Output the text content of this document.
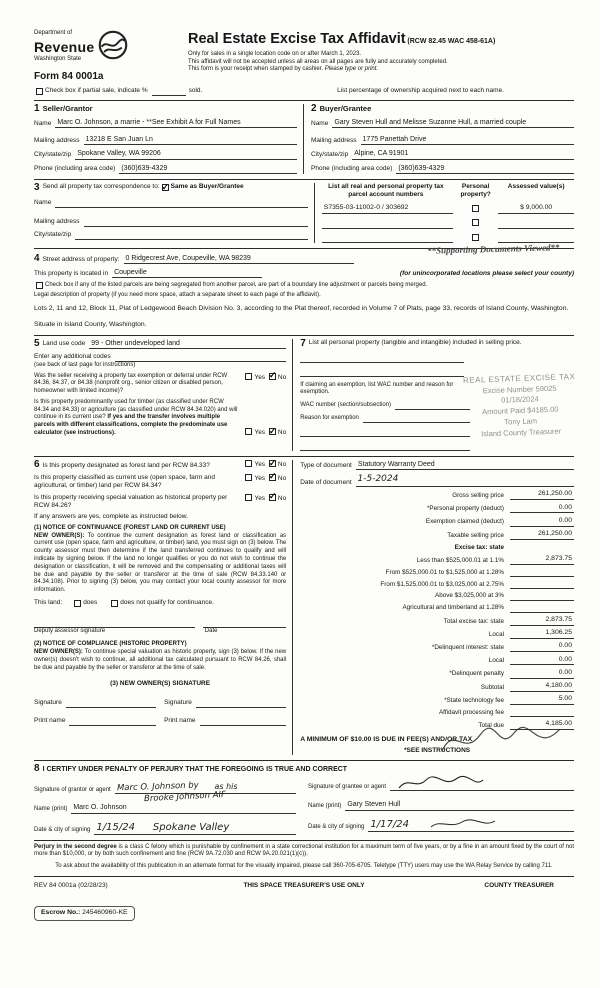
Department of
Revenue
Washington State
Form 84 0001a
Real Estate Excise Tax Affidavit (RCW 82.45 WAC 458-61A)
Only for sales in a single location code on or after March 1, 2023.
This affidavit will not be accepted unless all areas on all pages are fully and accurately completed.
This form is your receipt when stamped by cashier. Please type or print.
Check box if partial sale, indicate %	sold.	List percentage of ownership acquired next to each name.
1 Seller/Grantor
Name Marc O. Johnson, a marrie - **See Exhibit A for Full Names
Mailing address 13218 E San Juan Ln
City/state/zip Spokane Valley, WA 99206
Phone (including area code) (360)639-4329
2 Buyer/Grantee
Name Gary Steven Hull and Melisse Suzanne Hull, a married couple
Mailing address 1775 Panettah Drive
City/state/zip Alpine, CA 91901
Phone (including area code) (360)639-4329
3 Send all property tax correspondence to: ✓ Same as Buyer/Grantee
Name
Mailing address
City/state/zip
List all real and personal property tax parcel account numbers
Personal property?
Assessed value(s)
S7355-03-11002-0 / 303692	$ 9,000.00
**Supporting Documents Viewed**
4 Street address of property: 0 Ridgecrest Ave, Coupeville, WA 98239
This property is located in Coupeville	(for unincorporated locations please select your county)
Check box if any of the listed parcels are being segregated from another parcel, are part of a boundary line adjustment or parcels being merged.
Legal description of property (if you need more space, attach a separate sheet to each page of the affidavit).
Lots 2, 11 and 12, Block 11, Plat of Ledgewood Beach Division No. 3, according to the Plat thereof, recorded in Volume 7 of Plats, page 33, records of Island County, Washington.
Situate in Island County, Washington.
5 Land use code 99 - Other undeveloped land
Enter any additional codes
(see back of last page for instructions)
Was the seller receiving a property tax exemption or deferral under RCW 84.36, 84.37, or 84.38 (nonprofit org., senior citizen or disabled person, homeowner with limited income)?
Yes ✓ No
Is this property predominantly used for timber (as classified under RCW 84.34 and 84.33) or agriculture (as classified under RCW 84.34.020) and will continue in its current use? If yes and the transfer involves multiple parcels with different classifications, complete the predominate use calculator (see instructions).	Yes ✓ No
7 List all personal property (tangible and intangible) included in selling price.
If claiming an exemption, list WAC number and reason for exemption.
WAC number (section/subsection)
Reason for exemption
REAL ESTATE EXCISE TAX
Excise Number 59025
01/18/2024
Amount Paid $4185.00
Tony Lam
Island County Treasurer
6 Is this property designated as forest land per RCW 84.33?	Yes ✓ No
Is this property classified as current use (open space, farm and agricultural, or timber) land per RCW 84.34?
Yes ✓ No
Is this property receiving special valuation as historical property per RCW 84.26?
Yes ✓ No
If any answers are yes, complete as instructed below.
(1) NOTICE OF CONTINUANCE (FOREST LAND OR CURRENT USE)
NEW OWNER(S): To continue the current designation as forest land or classification as current use (open space, farm and agriculture, or timber) land, you must sign on (3) below. The county assessor must then determine if the land transferred continues to qualify and will indicate by signing below. If the land no longer qualifies or you do not wish to continue the designation or classification, it will be removed and the compensating or additional taxes will be due and payable by the seller or transferor at the time of sale (RCW 84.33.140 or 84.34.108). Prior to signing (3) below, you may contact your local county assessor for more information.
This land:	does	does not qualify for continuance.
Deputy assessor signature	Date
(2) NOTICE OF COMPLIANCE (HISTORIC PROPERTY)
NEW OWNER(S): To continue special valuation as historic property, sign (3) below. If the new owner(s) doesn't wish to continue, all additional tax calculated pursuant to RCW 84.26, shall be due and payable by the seller or transferor at the time of sale.
(3) NEW OWNER(S) SIGNATURE
Signature	Signature
Print name	Print name
Type of document Statutory Warranty Deed
Date of document 1-5-2024
Gross selling price	261,250.00
*Personal property (deduct)	0.00
Exemption claimed (deduct)	0.00
Taxable selling price	261,250.00
Excise tax: state
Less than $525,000.01 at 1.1%	2,873.75
From $525,000.01 to $1,525,000 at 1.28%
From $1,525,000.01 to $3,025,000 at 2.75%
Above $3,025,000 at 3%
Agricultural and timberland at 1.28%
Total excise tax: state	2,873.75
Local	1,306.25
*Delinquent interest: state	0.00
Local	0.00
*Delinquent penalty	0.00
Subtotal	4,180.00
*State technology fee	5.00
Affidavit processing fee
Total due	4,185.00
A MINIMUM OF $10.00 IS DUE IN FEE(S) AND/OR TAX
*SEE INSTRUCTIONS
8 I CERTIFY UNDER PENALTY OF PERJURY THAT THE FOREGOING IS TRUE AND CORRECT
Signature of grantor or agent Marc O. Johnson by as his
Brooke Johnson AIF
Name (print) Marc O. Johnson
Date & city of signing 1/15/24 Spokane Valley
Signature of grantee or agent
Name (print) Gary Steven Hull
Date & city of signing 1/17/24
Perjury in the second degree is a class C felony which is punishable by confinement in a state correctional institution for a maximum term of five years, or by a fine in an amount fixed by the court of not more than $10,000, or by both such confinement and fine (RCW 9A.72.030 and RCW 9A.20.021(1)(c)).
To ask about the availability of this publication in an alternate format for the visually impaired, please call 360-705-6705. Teletype (TTY) users may use the WA Relay Service by calling 711.
REV 84 0001a (02/28/23)	THIS SPACE TREASURER'S USE ONLY	COUNTY TREASURER
Escrow No.: 245460960-KE
